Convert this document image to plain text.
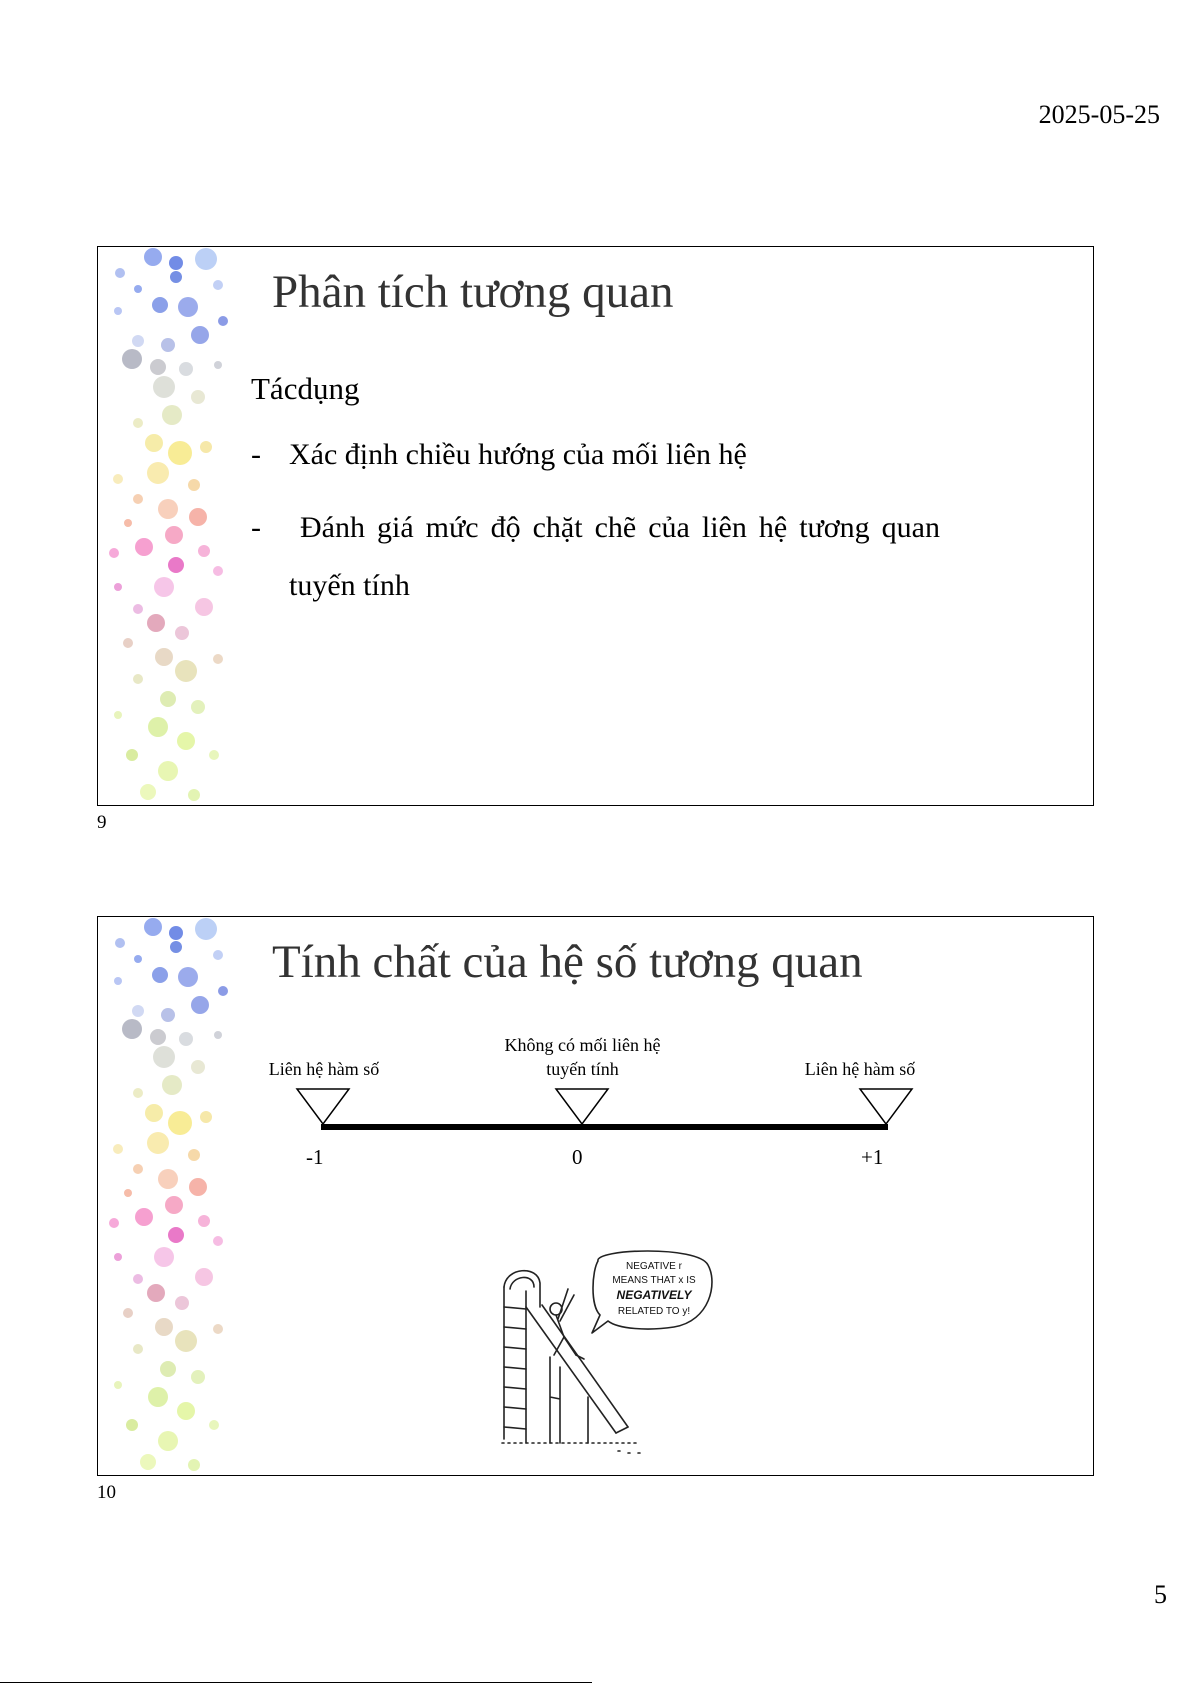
2025-05-25
Phân tích tương quan
Tácdụng
- Xác định chiều hướng của mối liên hệ
-	Đánh giá mức độ chặt chẽ của liên hệ tương quan
tuyến tính
9
Tính chất của hệ số tương quan
Liên hệ hàm số
Không có mối liên hệ
tuyến tính	Liên hệ hàm số
-1	0	+1
NEGATIVE r
MEANS THAT x IS
NEGATIVELY
RELATED TO y!
10
5
